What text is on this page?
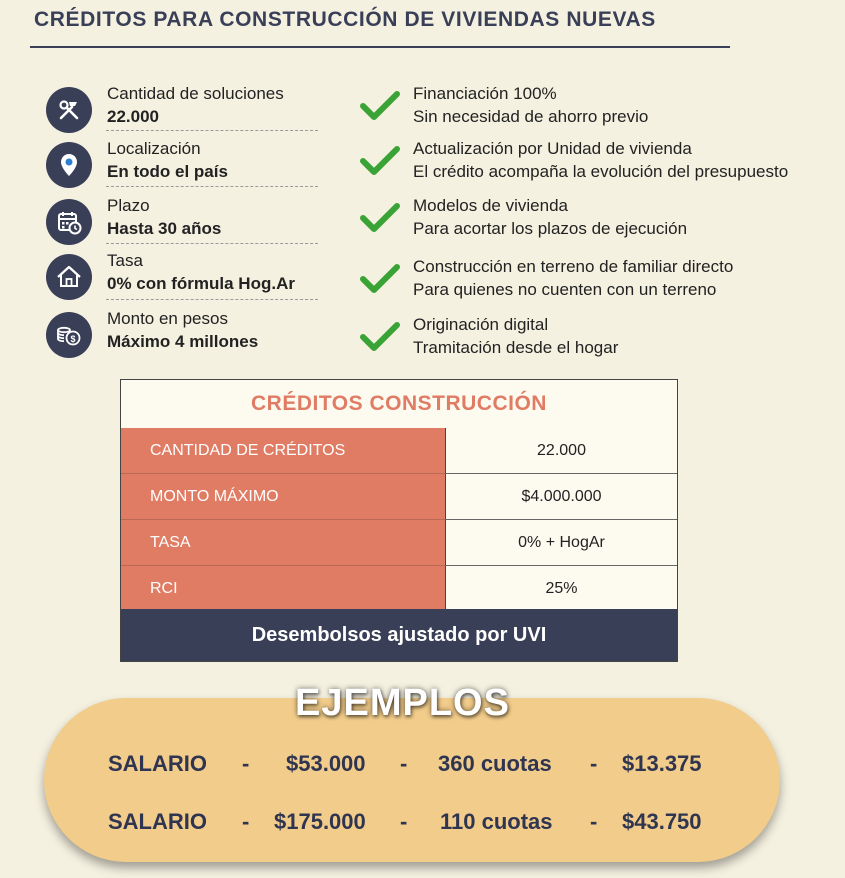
CRÉDITOS PARA CONSTRUCCIÓN DE VIVIENDAS NUEVAS
Cantidad de soluciones
22.000
Localización
En todo el país
Plazo
Hasta 30 años
Tasa
0% con fórmula Hog.Ar
$
Monto en pesos
Máximo 4 millones
Financiación 100%
Sin necesidad de ahorro previo
Actualización por Unidad de vivienda
El crédito acompaña la evolución del presupuesto
Modelos de vivienda
Para acortar los plazos de ejecución
Construcción en terreno de familiar directo
Para quienes no cuenten con un terreno
Originación digital
Tramitación desde el hogar
CRÉDITOS CONSTRUCCIÓN
CANTIDAD DE CRÉDITOS	22.000
MONTO MÁXIMO	$4.000.000
TASA	0% + HogAr
RCI	25%
Desembolsos ajustado por UVI
EJEMPLOS
SALARIO - $53.000 - 360 cuotas - $13.375
SALARIO - $175.000 - 110 cuotas - $43.750
